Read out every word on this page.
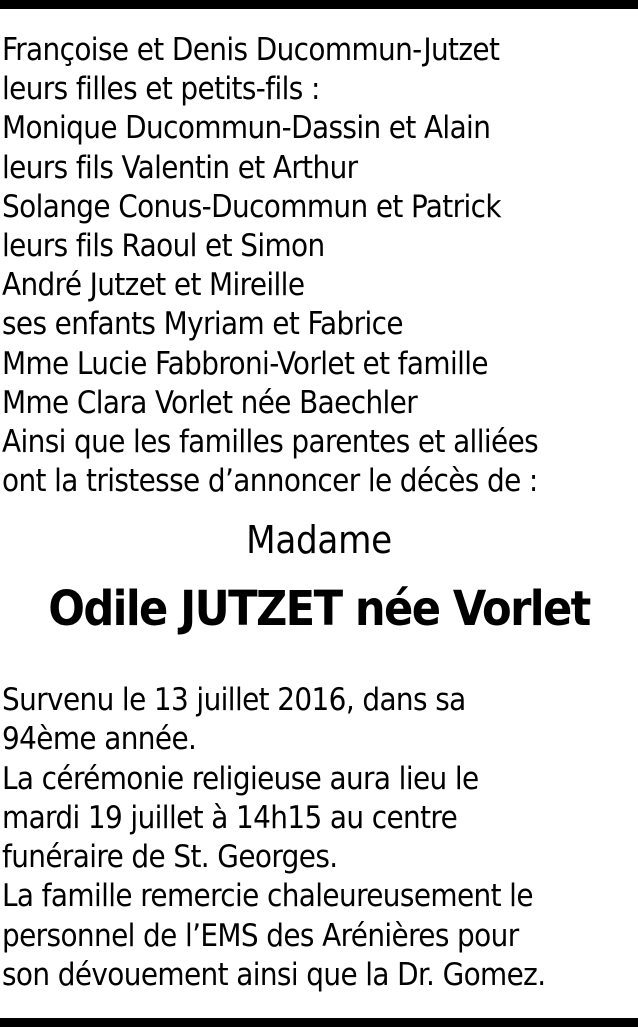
Françoise et Denis Ducommun-Jutzet
leurs filles et petits-fils :
Monique Ducommun-Dassin et Alain
leurs fils Valentin et Arthur
Solange Conus-Ducommun et Patrick
leurs fils Raoul et Simon
André Jutzet et Mireille
ses enfants Myriam et Fabrice
Mme Lucie Fabbroni-Vorlet et famille
Mme Clara Vorlet née Baechler
Ainsi que les familles parentes et alliées
ont la tristesse d’annoncer le décès de :
Madame
Odile JUTZET née Vorlet
Survenu le 13 juillet 2016, dans sa
94ème année.
La cérémonie religieuse aura lieu le
mardi 19 juillet à 14h15 au centre
funéraire de St. Georges.
La famille remercie chaleureusement le
personnel de l’EMS des Arénières pour
son dévouement ainsi que la Dr. Gomez.
